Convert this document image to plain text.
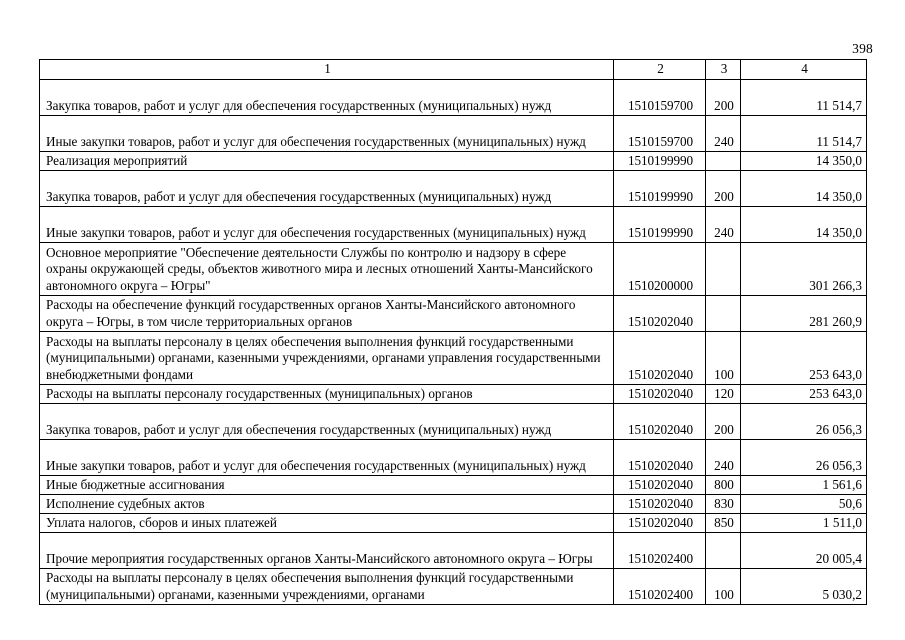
398
1	2	3	4
Закупка товаров, работ и услуг для обеспечения государственных (муниципальных) нужд	1510159700	200	11 514,7
Иные закупки товаров, работ и услуг для обеспечения государственных (муниципальных) нужд	1510159700	240	11 514,7
Реализация мероприятий	1510199990		14 350,0
Закупка товаров, работ и услуг для обеспечения государственных (муниципальных) нужд	1510199990	200	14 350,0
Иные закупки товаров, работ и услуг для обеспечения государственных (муниципальных) нужд	1510199990	240	14 350,0
Основное мероприятие "Обеспечение деятельности Службы по контролю и надзору в сфере охраны окружающей среды, объектов животного мира и лесных отношений Ханты-Мансийского автономного округа – Югры"	1510200000		301 266,3
Расходы на обеспечение функций государственных органов Ханты-Мансийского автономного округа – Югры, в том числе территориальных органов	1510202040		281 260,9
Расходы на выплаты персоналу в целях обеспечения выполнения функций государственными (муниципальными) органами, казенными учреждениями, органами управления государственными внебюджетными фондами	1510202040	100	253 643,0
Расходы на выплаты персоналу государственных (муниципальных) органов	1510202040	120	253 643,0
Закупка товаров, работ и услуг для обеспечения государственных (муниципальных) нужд	1510202040	200	26 056,3
Иные закупки товаров, работ и услуг для обеспечения государственных (муниципальных) нужд	1510202040	240	26 056,3
Иные бюджетные ассигнования	1510202040	800	1 561,6
Исполнение судебных актов	1510202040	830	50,6
Уплата налогов, сборов и иных платежей	1510202040	850	1 511,0
Прочие мероприятия государственных органов Ханты-Мансийского автономного округа – Югры	1510202400		20 005,4
Расходы на выплаты персоналу в целях обеспечения выполнения функций государственными (муниципальными) органами, казенными учреждениями, органами	1510202400	100	5 030,2
